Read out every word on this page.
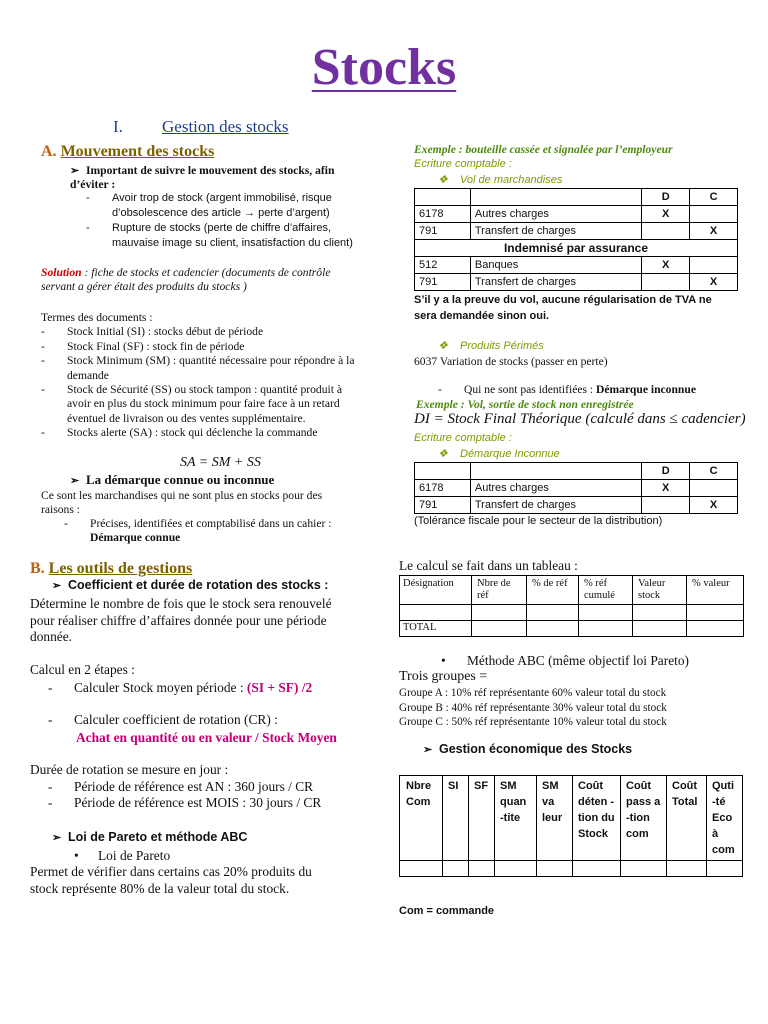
Stocks
I. Gestion des stocks
A. Mouvement des stocks
➢ Important de suivre le mouvement des stocks, afin d’éviter :
- Avoir trop de stock (argent immobilisé, risque
d’obsolescence des article → perte d’argent)
- Rupture de stocks (perte de chiffre d’affaires,
mauvaise image su client, insatisfaction du client)
Solution : fiche de stocks et cadencier (documents de contrôle
servant a gérer était des produits du stocks )
Termes des documents :
- Stock Initial (SI) : stocks début de période
- Stock Final (SF) : stock fin de période
- Stock Minimum (SM) : quantité nécessaire pour répondre à la
demande
- Stock de Sécurité (SS) ou stock tampon : quantité produit à
avoir en plus du stock minimum pour faire face à un retard
éventuel de livraison ou des ventes supplémentaire.
- Stocks alerte (SA) : stock qui déclenche la commande
SA = SM + SS
➢ La démarque connue ou inconnue
Ce sont les marchandises qui ne sont plus en stocks pour des
raisons :
- Précises, identifiées et comptabilisé dans un cahier :
Démarque connue
B. Les outils de gestions
➢ Coefficient et durée de rotation des stocks :
Détermine le nombre de fois que le stock sera renouvelé
pour réaliser chiffre d’affaires donnée pour une période
donnée.
Calcul en 2 étapes :
- Calculer Stock moyen période : (SI + SF) /2
- Calculer coefficient de rotation (CR) :
Achat en quantité ou en valeur / Stock Moyen
Durée de rotation se mesure en jour :
- Période de référence est AN : 360 jours / CR
- Période de référence est MOIS : 30 jours / CR
➢ Loi de Pareto et méthode ABC
• Loi de Pareto
Permet de vérifier dans certains cas 20% produits du
stock représente 80% de la valeur total du stock.
Exemple : bouteille cassée et signalée par l’employeur
Ecriture comptable :
❖ Vol de marchandises
		D	C
6178	Autres charges	X	
791	Transfert de charges		X
Indemnisé par assurance			
512	Banques	X	
791	Transfert de charges		X
S’il y a la preuve du vol, aucune régularisation de TVA ne
sera demandée sinon oui.
❖ Produits Périmés
6037 Variation de stocks (passer en perte)
- Qui ne sont pas identifiées : Démarque inconnue
Exemple : Vol, sortie de stock non enregistrée
DI = Stock Final Théorique (calculé dans ≤ cadencier)
Ecriture comptable :
❖ Démarque Inconnue
		D	C
6178	Autres charges	X	
791	Transfert de charges		X
(Tolérance fiscale pour le secteur de la distribution)
Le calcul se fait dans un tableau :
Désignation	Nbre de réf	% de réf	% réf cumulé	Valeur stock	% valeur

TOTAL					
• Méthode ABC (même objectif loi Pareto)
Trois groupes =
Groupe A : 10% réf représentante 60% valeur total du stock
Groupe B : 40% réf représentante 30% valeur total du stock
Groupe C : 50% réf représentante 10% valeur total du stock
➢ Gestion économique des Stocks
Nbre Com	SI	SF	SM quan -tite	SM va leur	Coût déten -tion du Stock	Coût pass a -tion com	Coût Total	Quti -té Eco à com

Com = commande
